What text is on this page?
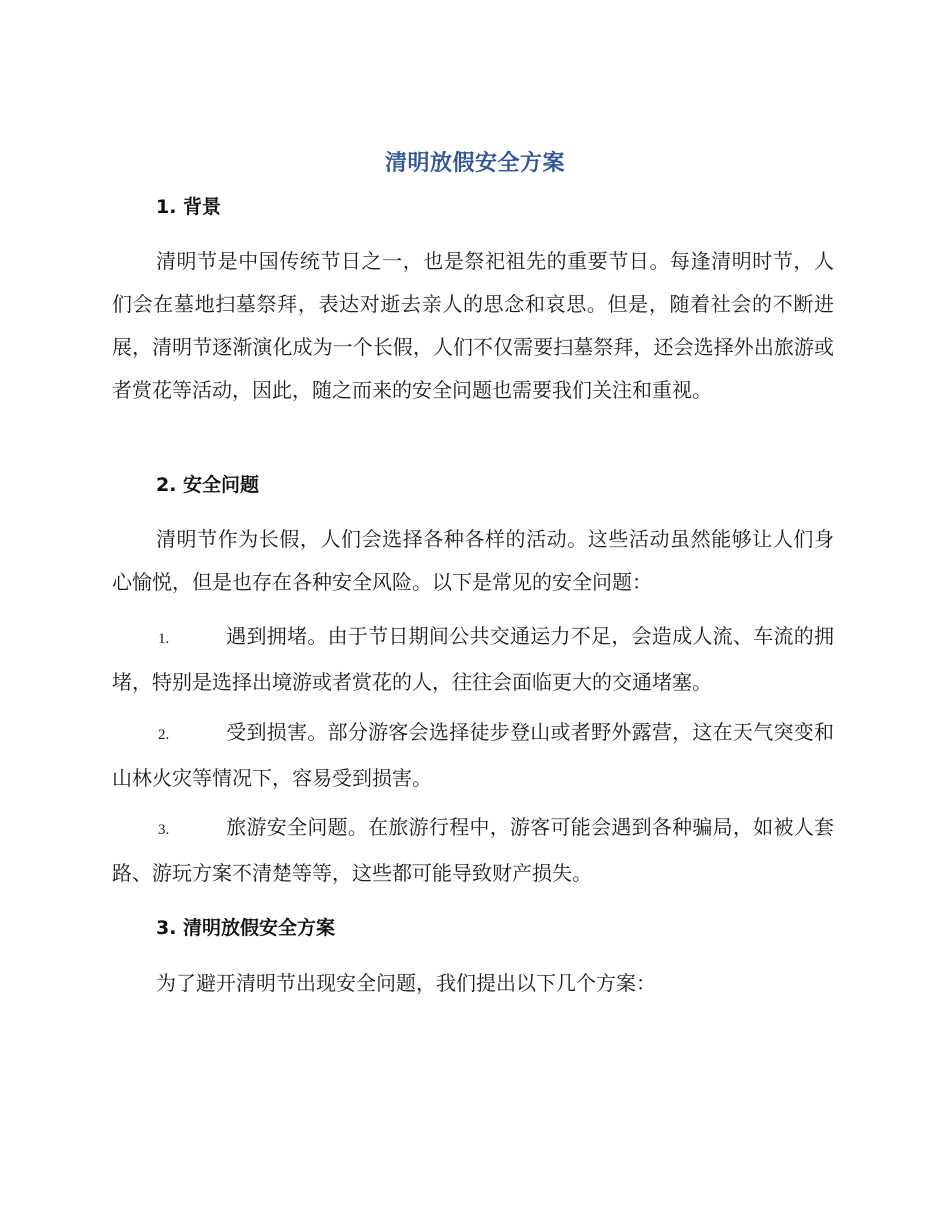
清明放假安全方案
1. 背景
清明节是中国传统节日之一，也是祭祀祖先的重要节日。每逢清明时节，人们会在墓地扫墓祭拜，表达对逝去亲人的思念和哀思。但是，随着社会的不断进展，清明节逐渐演化成为一个长假，人们不仅需要扫墓祭拜，还会选择外出旅游或者赏花等活动，因此，随之而来的安全问题也需要我们关注和重视。
2. 安全问题
清明节作为长假，人们会选择各种各样的活动。这些活动虽然能够让人们身心愉悦，但是也存在各种安全风险。以下是常见的安全问题：
1.	遇到拥堵。由于节日期间公共交通运力不足，会造成人流、车流的拥堵，特别是选择出境游或者赏花的人，往往会面临更大的交通堵塞。
2.	受到损害。部分游客会选择徒步登山或者野外露营，这在天气突变和山林火灾等情况下，容易受到损害。
3.	旅游安全问题。在旅游行程中，游客可能会遇到各种骗局，如被人套路、游玩方案不清楚等等，这些都可能导致财产损失。
3. 清明放假安全方案
为了避开清明节出现安全问题，我们提出以下几个方案：
